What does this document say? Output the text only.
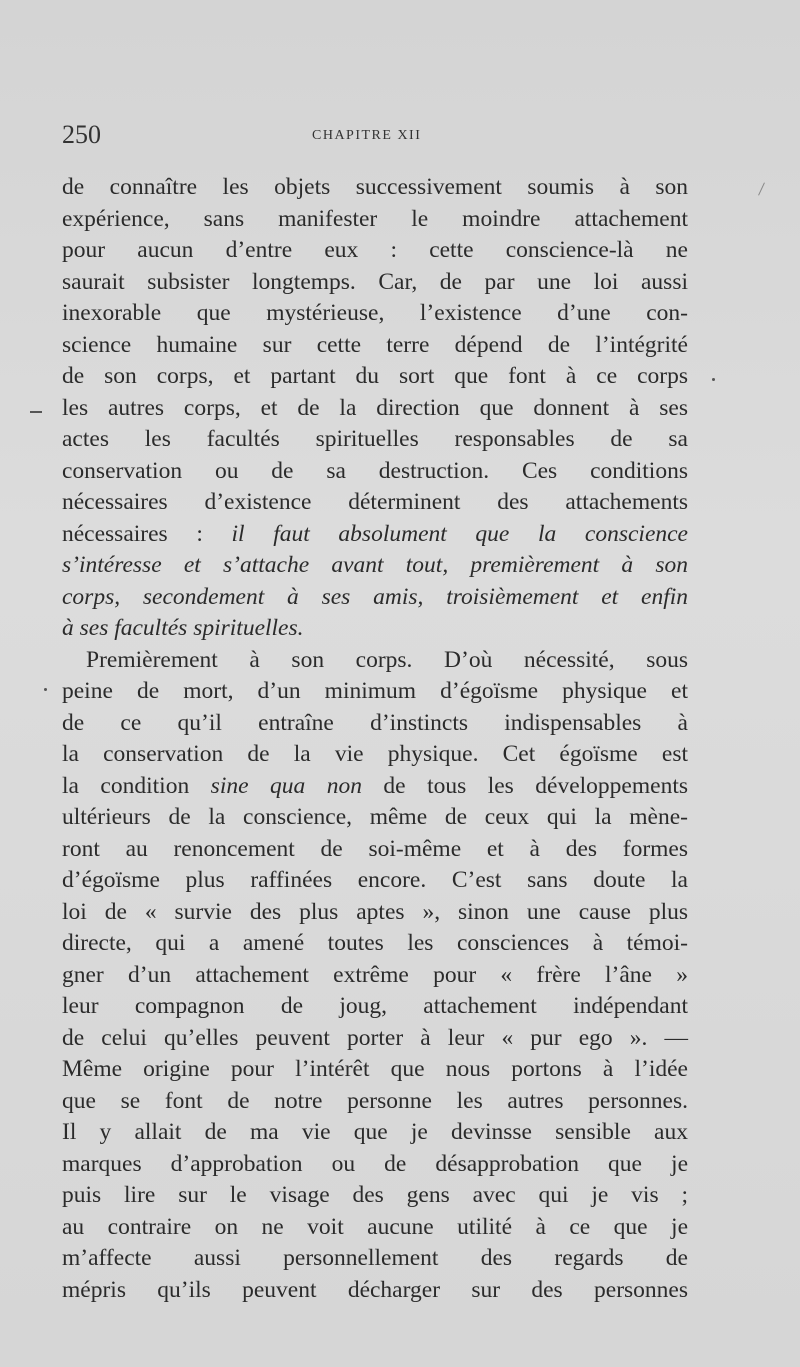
250	CHAPITRE XII
de connaître les objets successivement soumis à son
expérience, sans manifester le moindre attachement
pour aucun d’entre eux : cette conscience-là ne
saurait subsister longtemps. Car, de par une loi aussi
inexorable que mystérieuse, l’existence d’une con-
science humaine sur cette terre dépend de l’intégrité
de son corps, et partant du sort que font à ce corps
les autres corps, et de la direction que donnent à ses
actes les facultés spirituelles responsables de sa
conservation ou de sa destruction. Ces conditions
nécessaires d’existence déterminent des attachements
nécessaires : il faut absolument que la conscience
s’intéresse et s’attache avant tout, premièrement à son
corps, secondement à ses amis, troisièmement et enfin
à ses facultés spirituelles.
Premièrement à son corps. D’où nécessité, sous
peine de mort, d’un minimum d’égoïsme physique et
de ce qu’il entraîne d’instincts indispensables à
la conservation de la vie physique. Cet égoïsme est
la condition sine qua non de tous les développements
ultérieurs de la conscience, même de ceux qui la mène-
ront au renoncement de soi-même et à des formes
d’égoïsme plus raffinées encore. C’est sans doute la
loi de « survie des plus aptes », sinon une cause plus
directe, qui a amené toutes les consciences à témoi-
gner d’un attachement extrême pour « frère l’âne »
leur compagnon de joug, attachement indépendant
de celui qu’elles peuvent porter à leur « pur ego ». —
Même origine pour l’intérêt que nous portons à l’idée
que se font de notre personne les autres personnes.
Il y allait de ma vie que je devinsse sensible aux
marques d’approbation ou de désapprobation que je
puis lire sur le visage des gens avec qui je vis ;
au contraire on ne voit aucune utilité à ce que je
m’affecte aussi personnellement des regards de
mépris qu’ils peuvent décharger sur des personnes
